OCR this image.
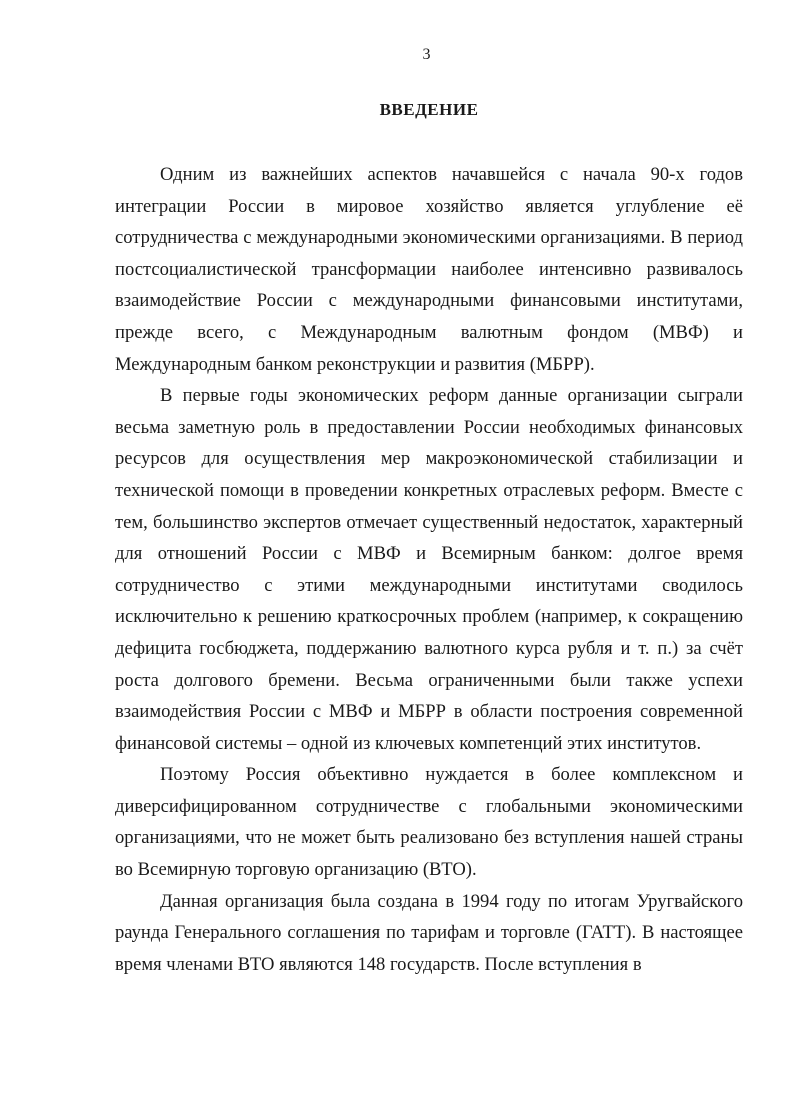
3
ВВЕДЕНИЕ

Одним из важнейших аспектов начавшейся с начала 90-х годов интеграции России в мировое хозяйство является углубление её сотрудничества с международными экономическими организациями. В период постсоциалистической трансформации наиболее интенсивно развивалось взаимодействие России с международными финансовыми институтами, прежде всего, с Международным валютным фондом (МВФ) и Международным банком реконструкции и развития (МБРР).

В первые годы экономических реформ данные организации сыграли весьма заметную роль в предоставлении России необходимых финансовых ресурсов для осуществления мер макроэкономической стабилизации и технической помощи в проведении конкретных отраслевых реформ. Вместе с тем, большинство экспертов отмечает существенный недостаток, характерный для отношений России с МВФ и Всемирным банком: долгое время сотрудничество с этими международными институтами сводилось исключительно к решению краткосрочных проблем (например, к сокращению дефицита госбюджета, поддержанию валютного курса рубля и т. п.) за счёт роста долгового бремени. Весьма ограниченными были также успехи взаимодействия России с МВФ и МБРР в области построения современной финансовой системы – одной из ключевых компетенций этих институтов.

Поэтому Россия объективно нуждается в более комплексном и диверсифицированном сотрудничестве с глобальными экономическими организациями, что не может быть реализовано без вступления нашей страны во Всемирную торговую организацию (ВТО).

Данная организация была создана в 1994 году по итогам Уругвайского раунда Генерального соглашения по тарифам и торговле (ГАТТ). В настоящее время членами ВТО являются 148 государств. После вступления в
